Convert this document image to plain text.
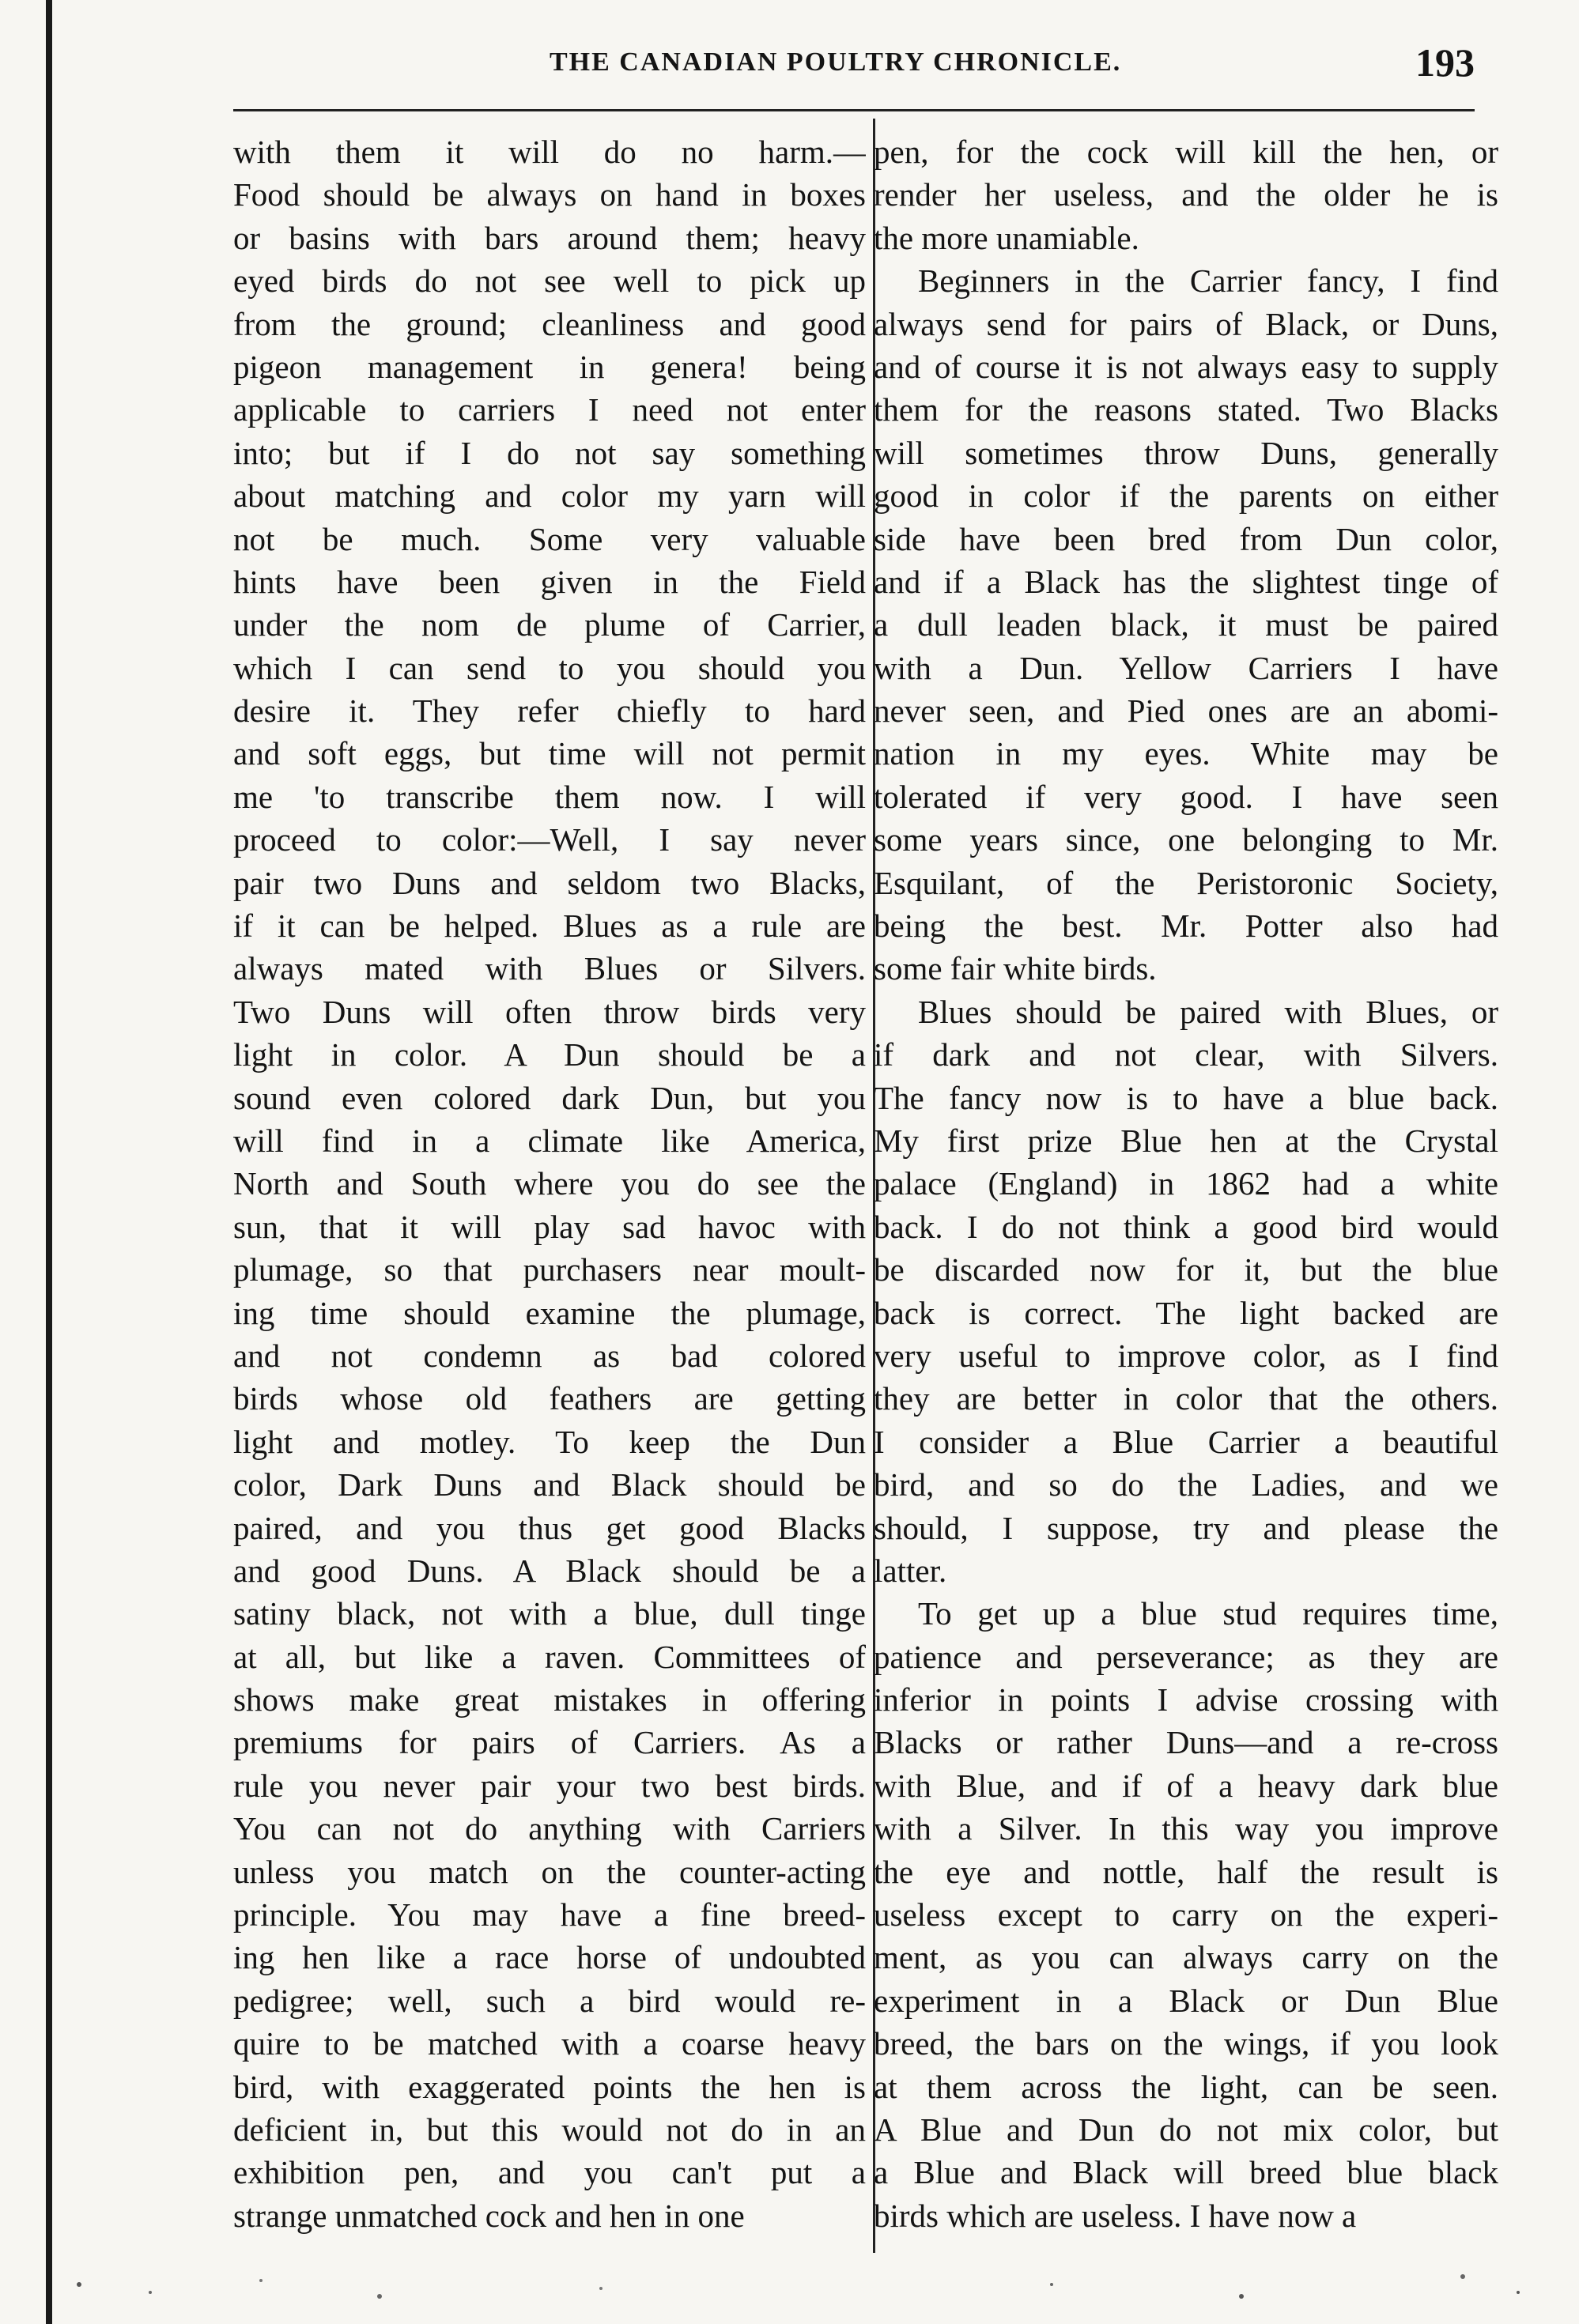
THE CANADIAN POULTRY CHRONICLE.	193
with them it will do no harm.—
Food should be always on hand in boxes
or basins with bars around them; heavy
eyed birds do not see well to pick up
from the ground; cleanliness and good
pigeon management in genera! being
applicable to carriers I need not enter
into; but if I do not say something
about matching and color my yarn will
not be much. Some very valuable
hints have been given in the Field
under the nom de plume of Carrier,
which I can send to you should you
desire it. They refer chiefly to hard
and soft eggs, but time will not permit
me 'to transcribe them now. I will
proceed to color:—Well, I say never
pair two Duns and seldom two Blacks,
if it can be helped. Blues as a rule are
always mated with Blues or Silvers.
Two Duns will often throw birds very
light in color. A Dun should be a
sound even colored dark Dun, but you
will find in a climate like America,
North and South where you do see the
sun, that it will play sad havoc with
plumage, so that purchasers near moult-
ing time should examine the plumage,
and not condemn as bad colored
birds whose old feathers are getting
light and motley. To keep the Dun
color, Dark Duns and Black should be
paired, and you thus get good Blacks
and good Duns. A Black should be a
satiny black, not with a blue, dull tinge
at all, but like a raven. Committees of
shows make great mistakes in offering
premiums for pairs of Carriers. As a
rule you never pair your two best birds.
You can not do anything with Carriers
unless you match on the counter-acting
principle. You may have a fine breed-
ing hen like a race horse of undoubted
pedigree; well, such a bird would re-
quire to be matched with a coarse heavy
bird, with exaggerated points the hen is
deficient in, but this would not do in an
exhibition pen, and you can't put a
strange unmatched cock and hen in one
pen, for the cock will kill the hen, or
render her useless, and the older he is
the more unamiable.
Beginners in the Carrier fancy, I find
always send for pairs of Black, or Duns,
and of course it is not always easy to supply
them for the reasons stated. Two Blacks
will sometimes throw Duns, generally
good in color if the parents on either
side have been bred from Dun color,
and if a Black has the slightest tinge of
a dull leaden black, it must be paired
with a Dun. Yellow Carriers I have
never seen, and Pied ones are an abomi-
nation in my eyes. White may be
tolerated if very good. I have seen
some years since, one belonging to Mr.
Esquilant, of the Peristoronic Society,
being the best. Mr. Potter also had
some fair white birds.
Blues should be paired with Blues, or
if dark and not clear, with Silvers.
The fancy now is to have a blue back.
My first prize Blue hen at the Crystal
palace (England) in 1862 had a white
back. I do not think a good bird would
be discarded now for it, but the blue
back is correct. The light backed are
very useful to improve color, as I find
they are better in color that the others.
I consider a Blue Carrier a beautiful
bird, and so do the Ladies, and we
should, I suppose, try and please the
latter.
To get up a blue stud requires time,
patience and perseverance; as they are
inferior in points I advise crossing with
Blacks or rather Duns—and a re-cross
with Blue, and if of a heavy dark blue
with a Silver. In this way you improve
the eye and nottle, half the result is
useless except to carry on the experi-
ment, as you can always carry on the
experiment in a Black or Dun Blue
breed, the bars on the wings, if you look
at them across the light, can be seen.
A Blue and Dun do not mix color, but
a Blue and Black will breed blue black
birds which are useless. I have now a
